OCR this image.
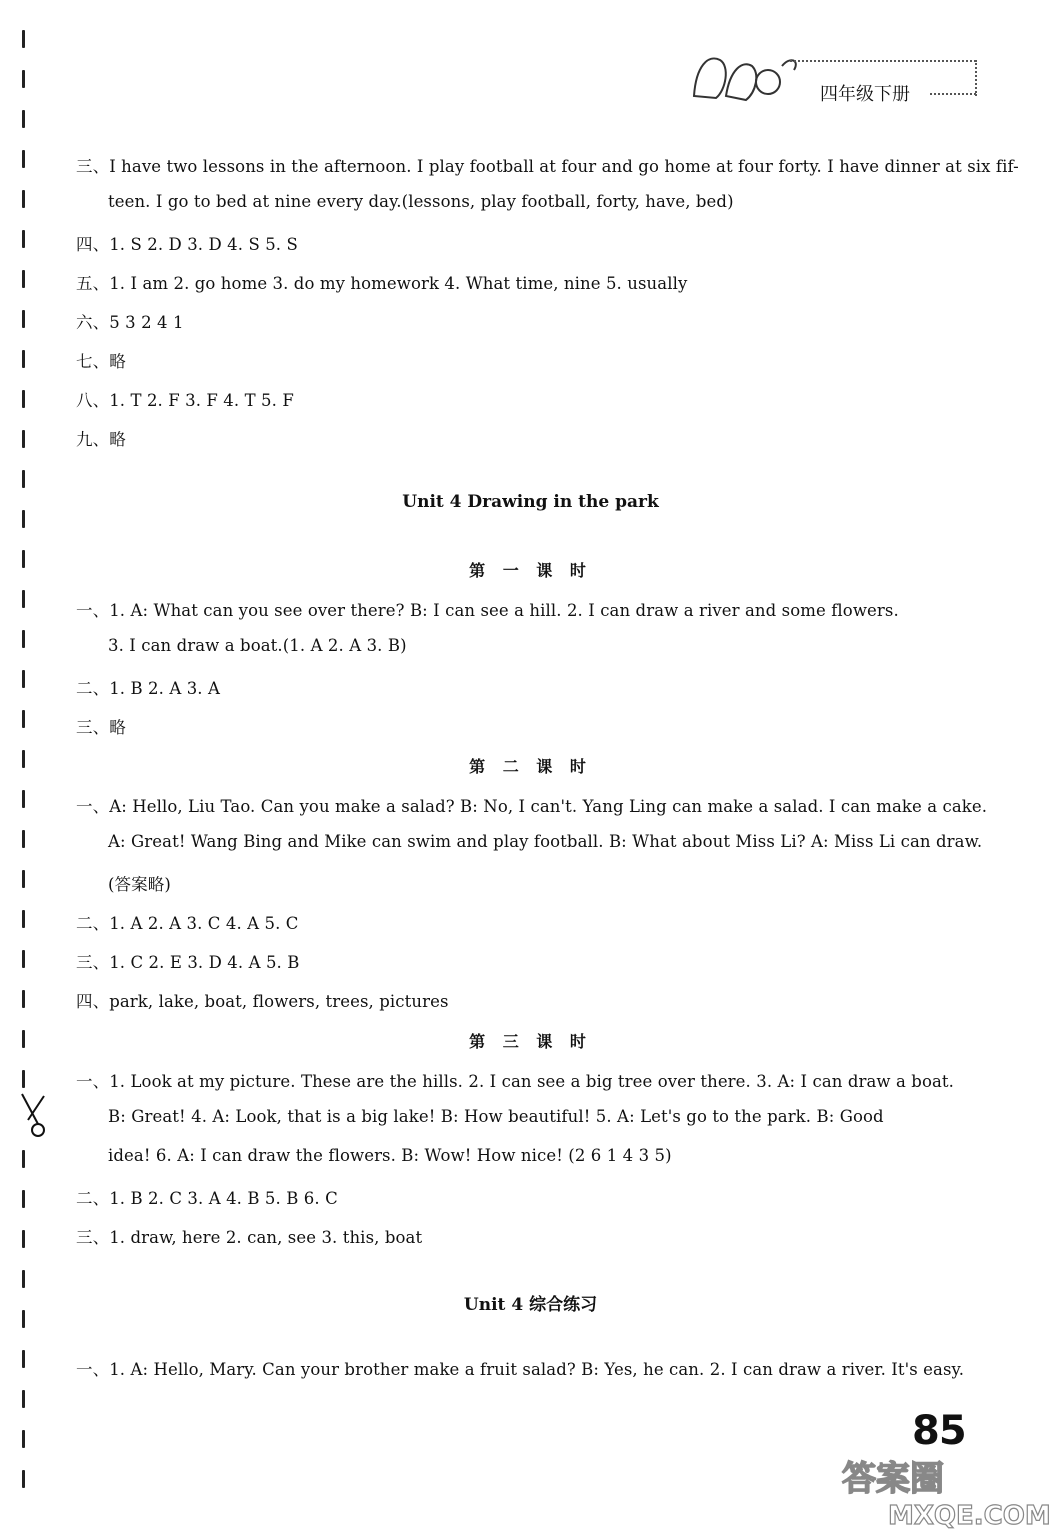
四年级下册
三、I have two lessons in the afternoon. I play football at four and go home at four forty. I have dinner at six fif-
teen. I go to bed at nine every day.(lessons, play football, forty, have, bed)
四、1. S 2. D 3. D 4. S 5. S
五、1. I am 2. go home 3. do my homework 4. What time, nine 5. usually
六、5 3 2 4 1
七、略
八、1. T 2. F 3. F 4. T 5. F
九、略
Unit 4 Drawing in the park
第 一 课 时
一、1. A: What can you see over there? B: I can see a hill. 2. I can draw a river and some flowers.
3. I can draw a boat.(1. A 2. A 3. B)
二、1. B 2. A 3. A
三、略
第 二 课 时
一、A: Hello, Liu Tao. Can you make a salad? B: No, I can't. Yang Ling can make a salad. I can make a cake.
A: Great! Wang Bing and Mike can swim and play football. B: What about Miss Li? A: Miss Li can draw.
(答案略)
二、1. A 2. A 3. C 4. A 5. C
三、1. C 2. E 3. D 4. A 5. B
四、park, lake, boat, flowers, trees, pictures
第 三 课 时
一、1. Look at my picture. These are the hills. 2. I can see a big tree over there. 3. A: I can draw a boat.
B: Great! 4. A: Look, that is a big lake! B: How beautiful! 5. A: Let's go to the park. B: Good
idea! 6. A: I can draw the flowers. B: Wow! How nice! (2 6 1 4 3 5)
二、1. B 2. C 3. A 4. B 5. B 6. C
三、1. draw, here 2. can, see 3. this, boat
Unit 4 综合练习
一、1. A: Hello, Mary. Can your brother make a fruit salad? B: Yes, he can. 2. I can draw a river. It's easy.
85
答案圈
MXQE.COM
